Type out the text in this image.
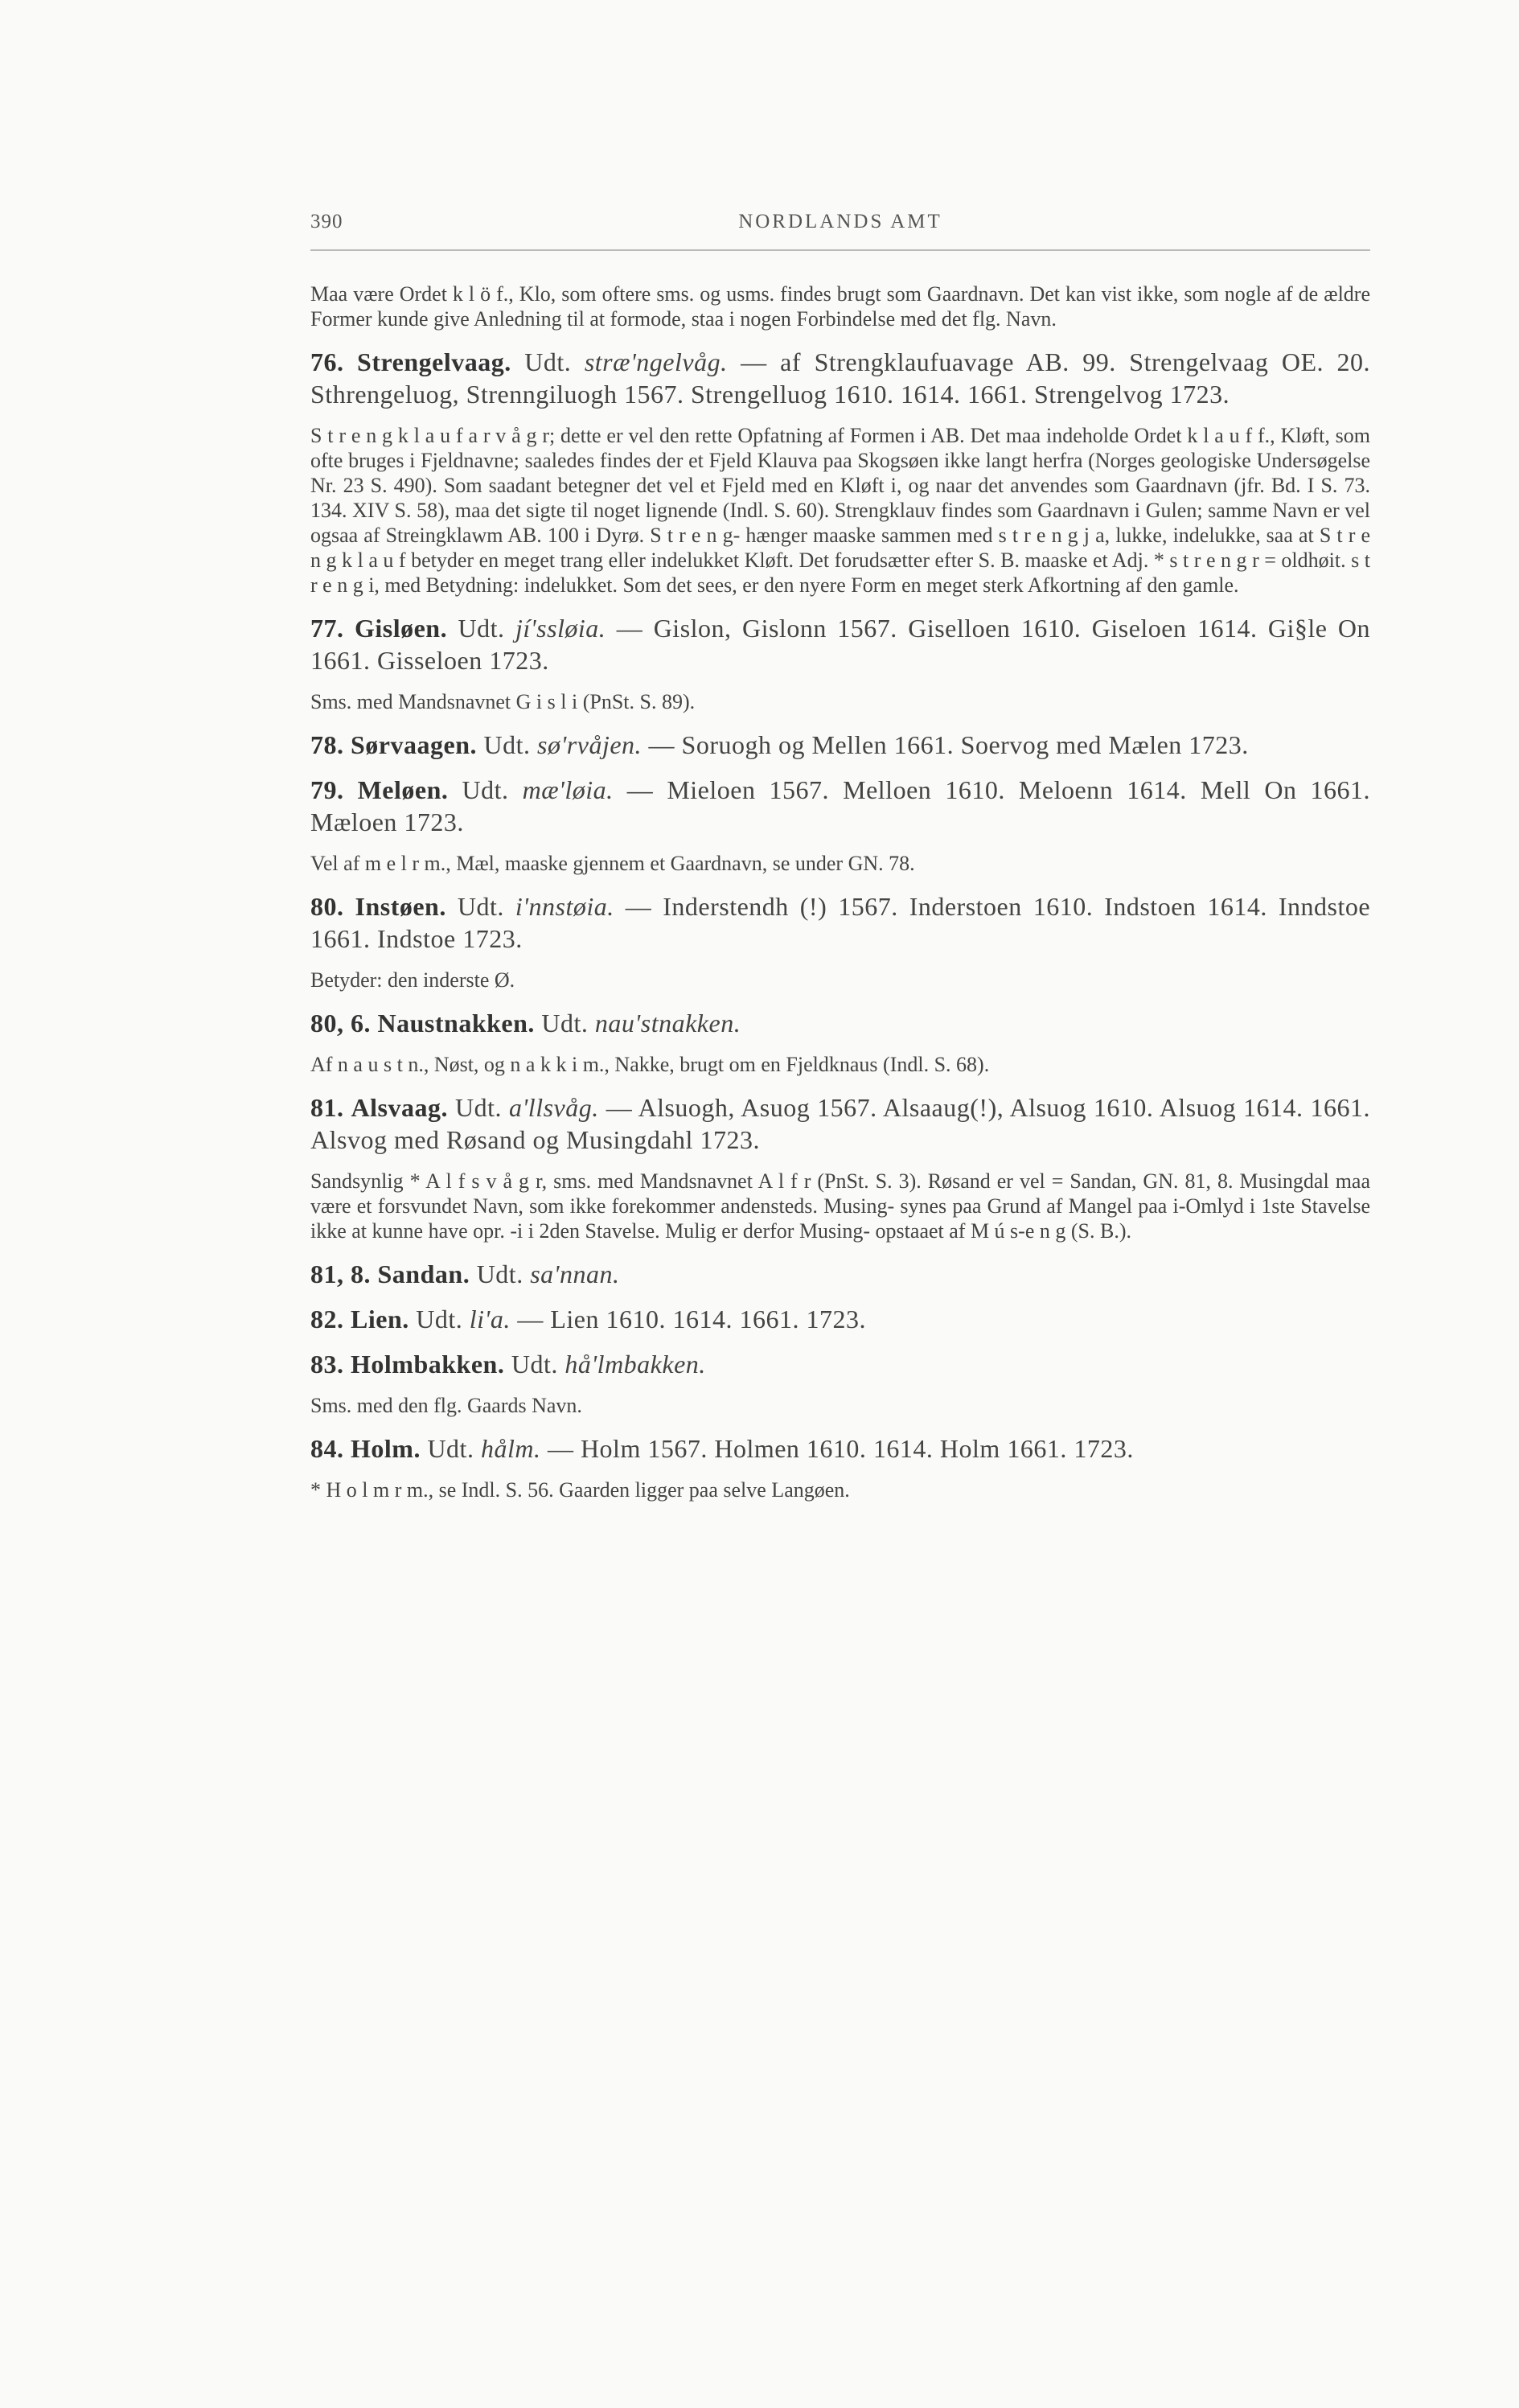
390	NORDLANDS AMT

Maa være Ordet k l ö f., Klo, som oftere sms. og usms. findes brugt som Gaardnavn. Det kan vist ikke, som nogle af de ældre Former kunde give Anledning til at formode, staa i nogen Forbindelse med det flg. Navn.

76. Strengelvaag. Udt. stræ'ngelvåg. — af Strengklaufuavage AB. 99. Strengelvaag OE. 20. Sthrengeluog, Strenngiluogh 1567. Strengelluog 1610. 1614. 1661. Strengelvog 1723.

S t r e n g k l a u f a r v å g r; dette er vel den rette Opfatning af Formen i AB. Det maa indeholde Ordet k l a u f f., Kløft, som ofte bruges i Fjeldnavne; saaledes findes der et Fjeld Klauva paa Skogsøen ikke langt herfra (Norges geologiske Undersøgelse Nr. 23 S. 490). Som saadant betegner det vel et Fjeld med en Kløft i, og naar det anvendes som Gaardnavn (jfr. Bd. I S. 73. 134. XIV S. 58), maa det sigte til noget lignende (Indl. S. 60). Strengklauv findes som Gaardnavn i Gulen; samme Navn er vel ogsaa af Streingklawm AB. 100 i Dyrø. S t r e n g- hænger maaske sammen med s t r e n g j a, lukke, indelukke, saa at S t r e n g k l a u f betyder en meget trang eller indelukket Kløft. Det forudsætter efter S. B. maaske et Adj. * s t r e n g r = oldhøit. s t r e n g i, med Betydning: indelukket. Som det sees, er den nyere Form en meget sterk Afkortning af den gamle.

77. Gisløen. Udt. jí'ssløia. — Gislon, Gislonn 1567. Giselloen 1610. Giseloen 1614. Gi§le On 1661. Gisseloen 1723.

Sms. med Mandsnavnet G i s l i (PnSt. S. 89).

78. Sørvaagen. Udt. sø'rvåjen. — Soruogh og Mellen 1661. Soervog med Mælen 1723.

79. Meløen. Udt. mæ'løia. — Mieloen 1567. Melloen 1610. Meloenn 1614. Mell On 1661. Mæloen 1723.

Vel af m e l r m., Mæl, maaske gjennem et Gaardnavn, se under GN. 78.

80. Instøen. Udt. i'nnstøia. — Inderstendh (!) 1567. Inderstoen 1610. Indstoen 1614. Inndstoe 1661. Indstoe 1723.

Betyder: den inderste Ø.

80, 6. Naustnakken. Udt. nau'stnakken.

Af n a u s t n., Nøst, og n a k k i m., Nakke, brugt om en Fjeldknaus (Indl. S. 68).

81. Alsvaag. Udt. a'llsvåg. — Alsuogh, Asuog 1567. Alsaaug(!), Alsuog 1610. Alsuog 1614. 1661. Alsvog med Røsand og Musingdahl 1723.

Sandsynlig * A l f s v å g r, sms. med Mandsnavnet A l f r (PnSt. S. 3). Røsand er vel = Sandan, GN. 81, 8. Musingdal maa være et forsvundet Navn, som ikke forekommer andensteds. Musing- synes paa Grund af Mangel paa i-Omlyd i 1ste Stavelse ikke at kunne have opr. -i i 2den Stavelse. Mulig er derfor Musing- opstaaet af M ú s-e n g (S. B.).

81, 8. Sandan. Udt. sa'nnan.

82. Lien. Udt. li'a. — Lien 1610. 1614. 1661. 1723.

83. Holmbakken. Udt. hå'lmbakken.

Sms. med den flg. Gaards Navn.

84. Holm. Udt. hålm. — Holm 1567. Holmen 1610. 1614. Holm 1661. 1723.

* H o l m r m., se Indl. S. 56. Gaarden ligger paa selve Langøen.
